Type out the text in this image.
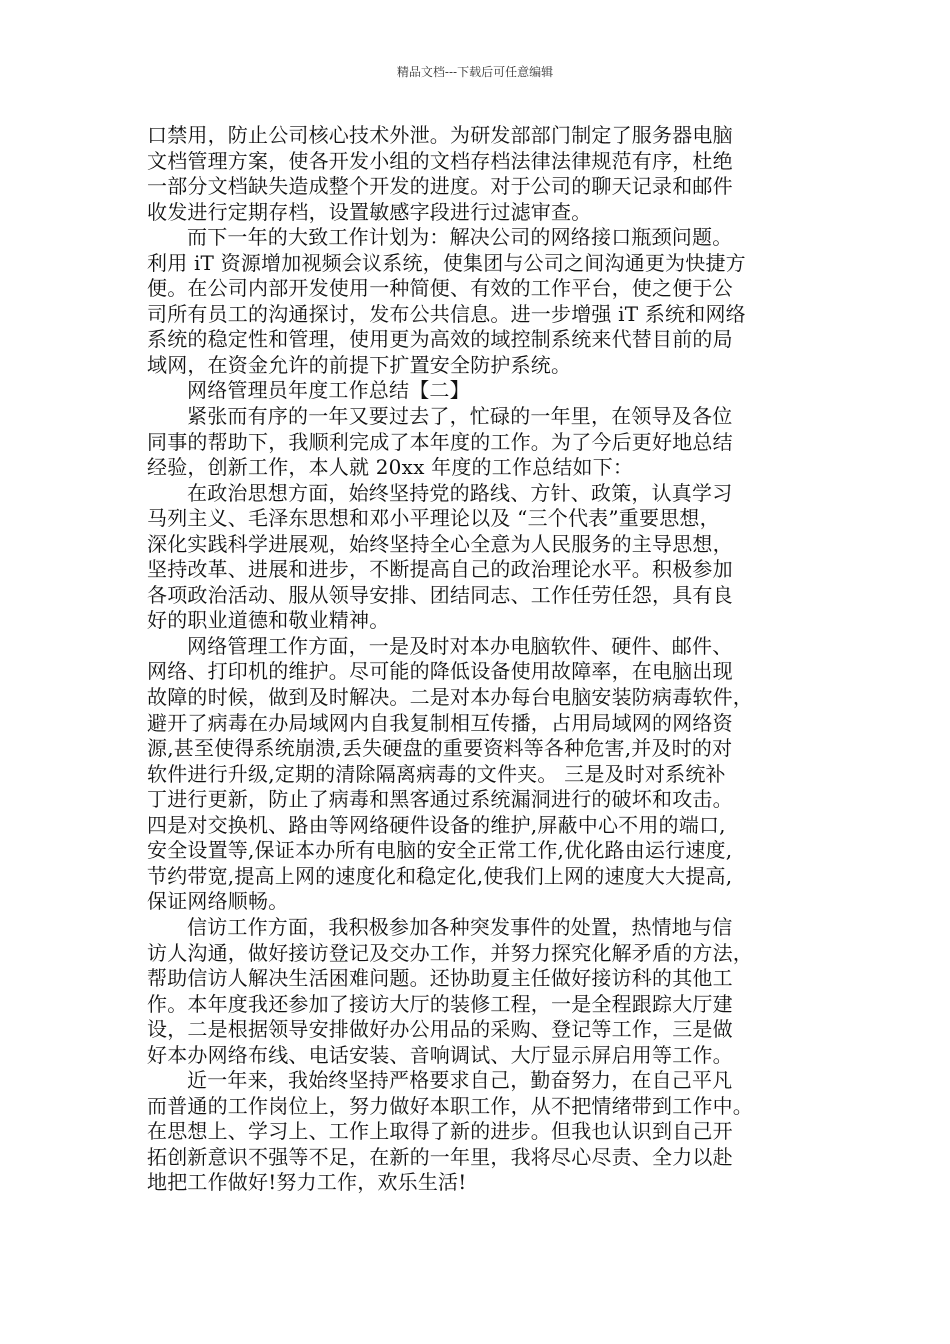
精品文档---下载后可任意编辑
口禁用，防止公司核心技术外泄。为研发部部门制定了服务器电脑
文档管理方案，使各开发小组的文档存档法律法律规范有序，杜绝
一部分文档缺失造成整个开发的进度。对于公司的聊天记录和邮件
收发进行定期存档，设置敏感字段进行过滤审查。
而下一年的大致工作计划为：解决公司的网络接口瓶颈问题。
利用 iT 资源增加视频会议系统，使集团与公司之间沟通更为快捷方
便。在公司内部开发使用一种简便、有效的工作平台，使之便于公
司所有员工的沟通探讨，发布公共信息。进一步增强 iT 系统和网络
系统的稳定性和管理，使用更为高效的域控制系统来代替目前的局
域网，在资金允许的前提下扩置安全防护系统。
网络管理员年度工作总结【二】
紧张而有序的一年又要过去了，忙碌的一年里，在领导及各位
同事的帮助下，我顺利完成了本年度的工作。为了今后更好地总结
经验，创新工作，本人就 20xx 年度的工作总结如下：
在政治思想方面，始终坚持党的路线、方针、政策，认真学习
马列主义、毛泽东思想和邓小平理论以及 “三个代表”重要思想，
深化实践科学进展观，始终坚持全心全意为人民服务的主导思想，
坚持改革、进展和进步，不断提高自己的政治理论水平。积极参加
各项政治活动、服从领导安排、团结同志、工作任劳任怨，具有良
好的职业道德和敬业精神。
网络管理工作方面，一是及时对本办电脑软件、硬件、邮件、
网络、打印机的维护。尽可能的降低设备使用故障率，在电脑出现
故障的时候，做到及时解决。二是对本办每台电脑安装防病毒软件，
避开了病毒在办局域网内自我复制相互传播，占用局域网的网络资
源,甚至使得系统崩溃,丢失硬盘的重要资料等各种危害,并及时的对
软件进行升级,定期的清除隔离病毒的文件夹。 三是及时对系统补
丁进行更新，防止了病毒和黑客通过系统漏洞进行的破坏和攻击。
四是对交换机、路由等网络硬件设备的维护,屏蔽中心不用的端口,
安全设置等,保证本办所有电脑的安全正常工作,优化路由运行速度,
节约带宽,提高上网的速度化和稳定化,使我们上网的速度大大提高,
保证网络顺畅。
信访工作方面，我积极参加各种突发事件的处置，热情地与信
访人沟通，做好接访登记及交办工作，并努力探究化解矛盾的方法，
帮助信访人解决生活困难问题。还协助夏主任做好接访科的其他工
作。本年度我还参加了接访大厅的装修工程，一是全程跟踪大厅建
设，二是根据领导安排做好办公用品的采购、登记等工作，三是做
好本办网络布线、电话安装、音响调试、大厅显示屏启用等工作。
近一年来，我始终坚持严格要求自己，勤奋努力，在自己平凡
而普通的工作岗位上，努力做好本职工作，从不把情绪带到工作中。
在思想上、学习上、工作上取得了新的进步。但我也认识到自己开
拓创新意识不强等不足，在新的一年里，我将尽心尽责、全力以赴
地把工作做好!努力工作，欢乐生活!
